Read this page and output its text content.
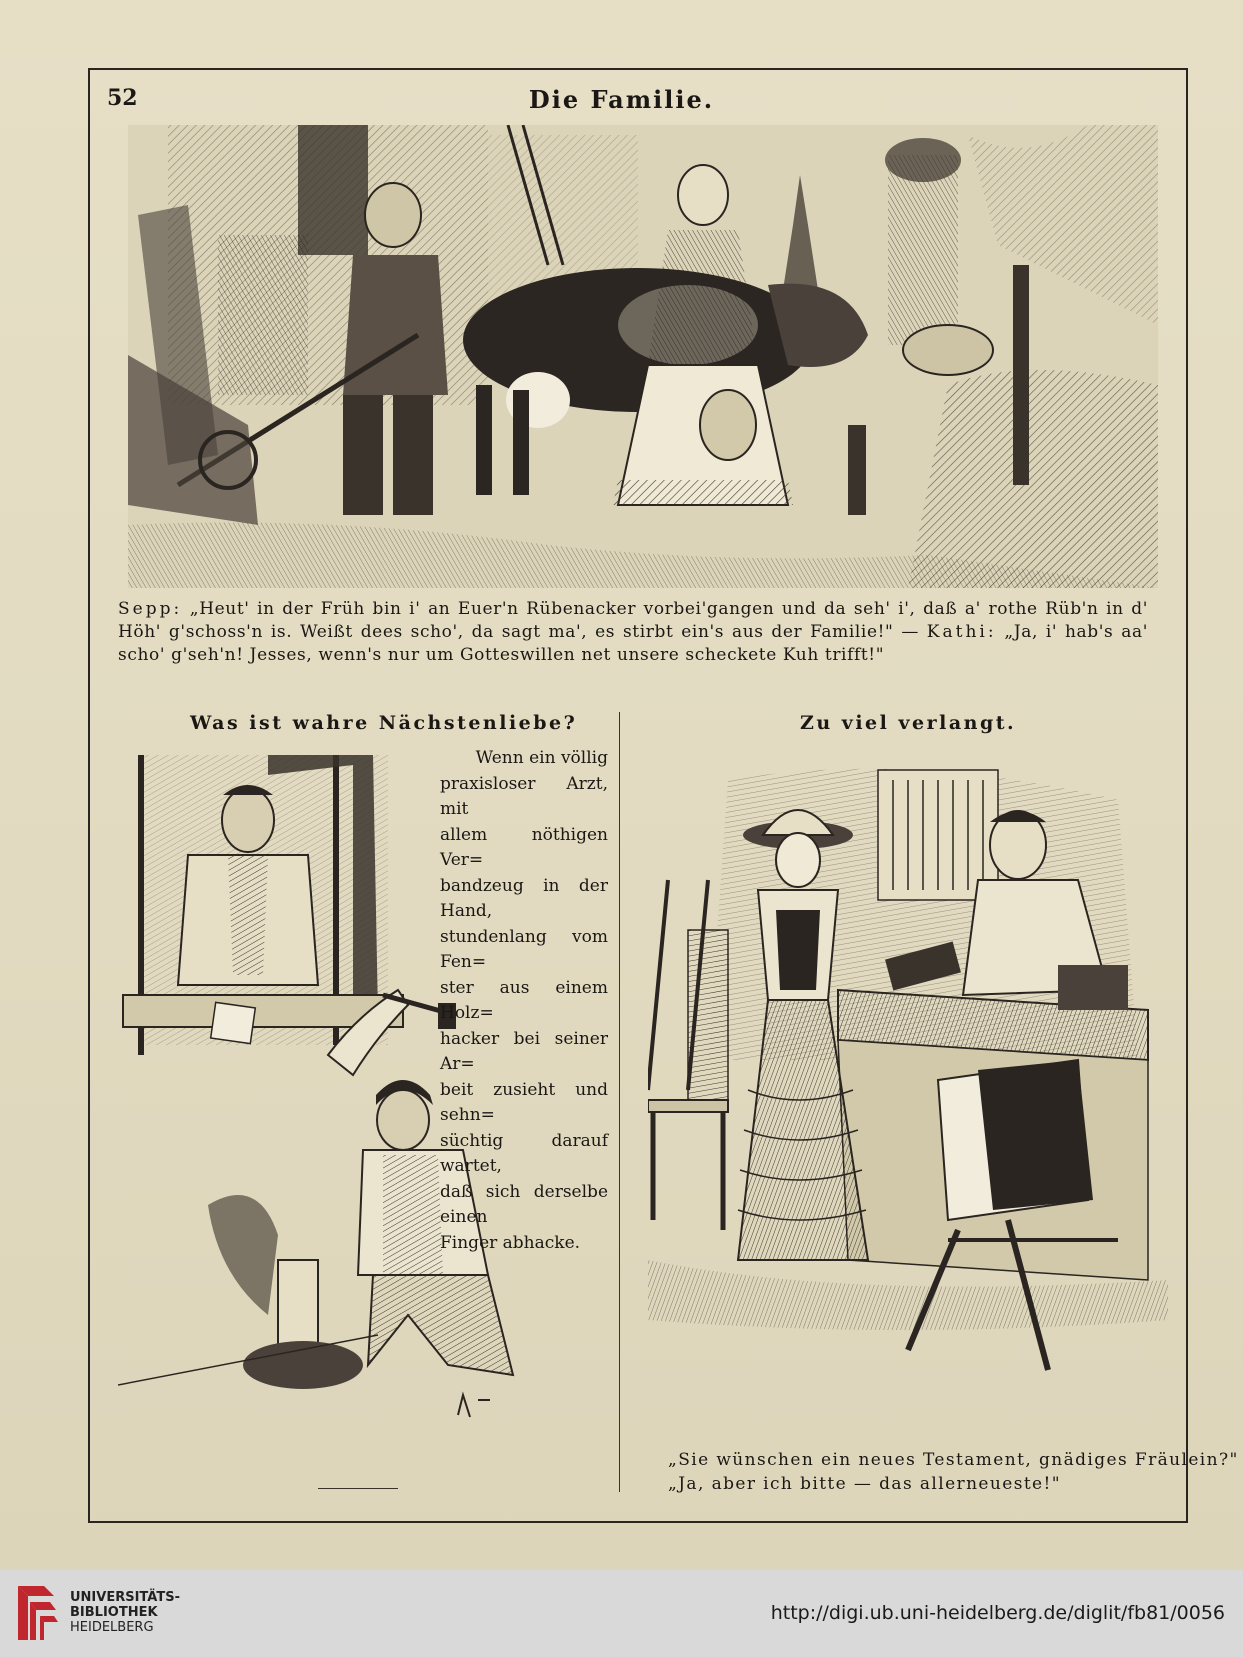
52	Die Familie.
Sepp: „Heut' in der Früh bin i' an Euer'n Rübenacker vorbei'gangen und da seh' i', daß a' rothe Rüb'n in d' Höh' g'schoss'n is. Weißt dees scho', da sagt ma', es stirbt ein's aus der Familie!" — Kathi: „Ja, i' hab's aa' scho' g'seh'n! Jesses, wenn's nur um Gotteswillen net unsere scheckete Kuh trifft!"
Was ist wahre Nächstenliebe?	Zu viel verlangt.
Wenn ein völlig
praxisloser Arzt, mit
allem nöthigen Ver=
bandzeug in der Hand,
stundenlang vom Fen=
ster aus einem Holz=
hacker bei seiner Ar=
beit zusieht und sehn=
süchtig darauf wartet,
daß sich derselbe einen
Finger abhacke.
„Sie wünschen ein neues Testament, gnädiges Fräulein?"
„Ja, aber ich bitte — das allerneueste!"
UNIVERSITÄTS-
BIBLIOTHEK
HEIDELBERG
http://digi.ub.uni-heidelberg.de/diglit/fb81/0056
